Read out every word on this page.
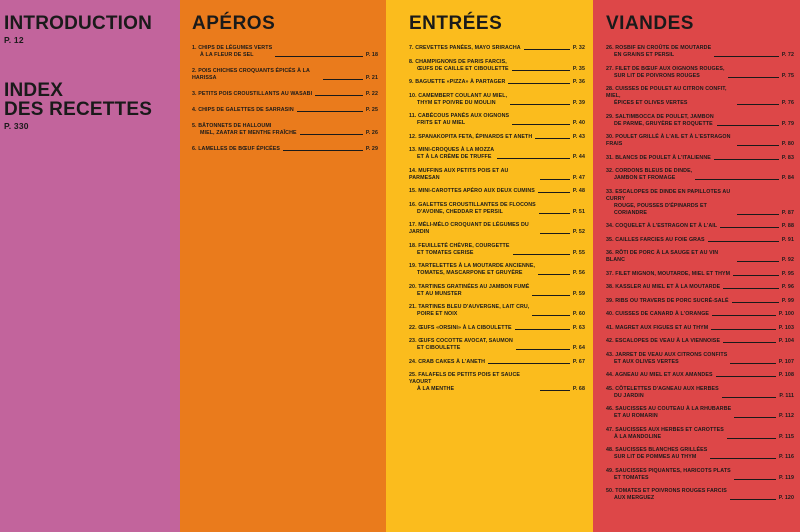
INTRODUCTION
P. 12
INDEX
DES RECETTES
P. 330
APÉROS
1. CHIPS DE LÉGUMES VERTS
À LA FLEUR DE SEL	P. 18
2. POIS CHICHES CROQUANTS ÉPICÉS À LA HARISSA	P. 21
3. PETITS POIS CROUSTILLANTS AU WASABI	P. 22
4. CHIPS DE GALETTES DE SARRASIN	P. 25
5. BÂTONNETS DE HALLOUMI
MIEL, ZAATAR ET MENTHE FRAÎCHE	P. 26
6. LAMELLES DE BŒUF ÉPICÉES	P. 29
ENTRÉES
7. CREVETTES PANÉES, MAYO SRIRACHA	P. 32
8. CHAMPIGNONS DE PARIS FARCIS,
ŒUFS DE CAILLE ET CIBOULETTE	P. 35
9. BAGUETTE «PIZZA» À PARTAGER	P. 36
10. CAMEMBERT COULANT AU MIEL,
THYM ET POIVRE DU MOULIN	P. 39
11. CABÉCOUS PANÉS AUX OIGNONS
FRITS ET AU MIEL	P. 40
12. SPANAKOPITA FETA, ÉPINARDS ET ANETH	P. 43
13. MINI-CROQUES À LA MOZZA
ET À LA CRÈME DE TRUFFE	P. 44
14. MUFFINS AUX PETITS POIS ET AU PARMESAN	P. 47
15. MINI-CAROTTES APÉRO AUX DEUX CUMINS	P. 48
16. GALETTES CROUSTILLANTES DE FLOCONS
D'AVOINE, CHEDDAR ET PERSIL	P. 51
17. MÉLI-MÉLO CROQUANT DE LÉGUMES DU JARDIN	P. 52
18. FEUILLETÉ CHÈVRE, COURGETTE
ET TOMATES CERISE	P. 55
19. TARTELETTES À LA MOUTARDE ANCIENNE,
TOMATES, MASCARPONE ET GRUYÈRE	P. 56
20. TARTINES GRATINÉES AU JAMBON FUMÉ
ET AU MUNSTER	P. 59
21. TARTINES BLEU D'AUVERGNE, LAIT CRU,
POIRE ET NOIX	P. 60
22. ŒUFS «ORSINI» À LA CIBOULETTE	P. 63
23. ŒUFS COCOTTE AVOCAT, SAUMON
ET CIBOULETTE	P. 64
24. CRAB CAKES À L'ANETH	P. 67
25. FALAFELS DE PETITS POIS ET SAUCE YAOURT
À LA MENTHE	P. 68
VIANDES
26. ROSBIF EN CROÛTE DE MOUTARDE
EN GRAINS ET PERSIL	P. 72
27. FILET DE BŒUF AUX OIGNONS ROUGES,
SUR LIT DE POIVRONS ROUGES	P. 75
28. CUISSES DE POULET AU CITRON CONFIT, MIEL,
ÉPICES ET OLIVES VERTES	P. 76
29. SALTIMBOCCA DE POULET, JAMBON
DE PARME, GRUYÈRE ET ROQUETTE	P. 79
30. POULET GRILLÉ À L'AIL ET À L'ESTRAGON FRAIS	P. 80
31. BLANCS DE POULET À L'ITALIENNE	P. 83
32. CORDONS BLEUS DE DINDE,
JAMBON ET FROMAGE	P. 84
33. ESCALOPES DE DINDE EN PAPILLOTES AU CURRY
ROUGE, POUSSES D'ÉPINARDS ET CORIANDRE	P. 87
34. COQUELET À L'ESTRAGON ET À L'AIL	P. 88
35. CAILLES FARCIES AU FOIE GRAS	P. 91
36. RÔTI DE PORC À LA SAUGE ET AU VIN BLANC	P. 92
37. FILET MIGNON, MOUTARDE, MIEL ET THYM	P. 95
38. KASSLER AU MIEL ET À LA MOUTARDE	P. 96
39. RIBS OU TRAVERS DE PORC SUCRÉ-SALÉ	P. 99
40. CUISSES DE CANARD À L'ORANGE	P. 100
41. MAGRET AUX FIGUES ET AU THYM	P. 103
42. ESCALOPES DE VEAU À LA VIENNOISE	P. 104
43. JARRET DE VEAU AUX CITRONS CONFITS
ET AUX OLIVES VERTES	P. 107
44. AGNEAU AU MIEL ET AUX AMANDES	P. 108
45. CÔTELETTES D'AGNEAU AUX HERBES
DU JARDIN	P. 111
46. SAUCISSES AU COUTEAU À LA RHUBARBE
ET AU ROMARIN	P. 112
47. SAUCISSES AUX HERBES ET CAROTTES
À LA MANDOLINE	P. 115
48. SAUCISSES BLANCHES GRILLÉES
SUR LIT DE POMMES AU THYM	P. 116
49. SAUCISSES PIQUANTES, HARICOTS PLATS
ET TOMATES	P. 119
50. TOMATES ET POIVRONS ROUGES FARCIS
AUX MERGUEZ	P. 120
